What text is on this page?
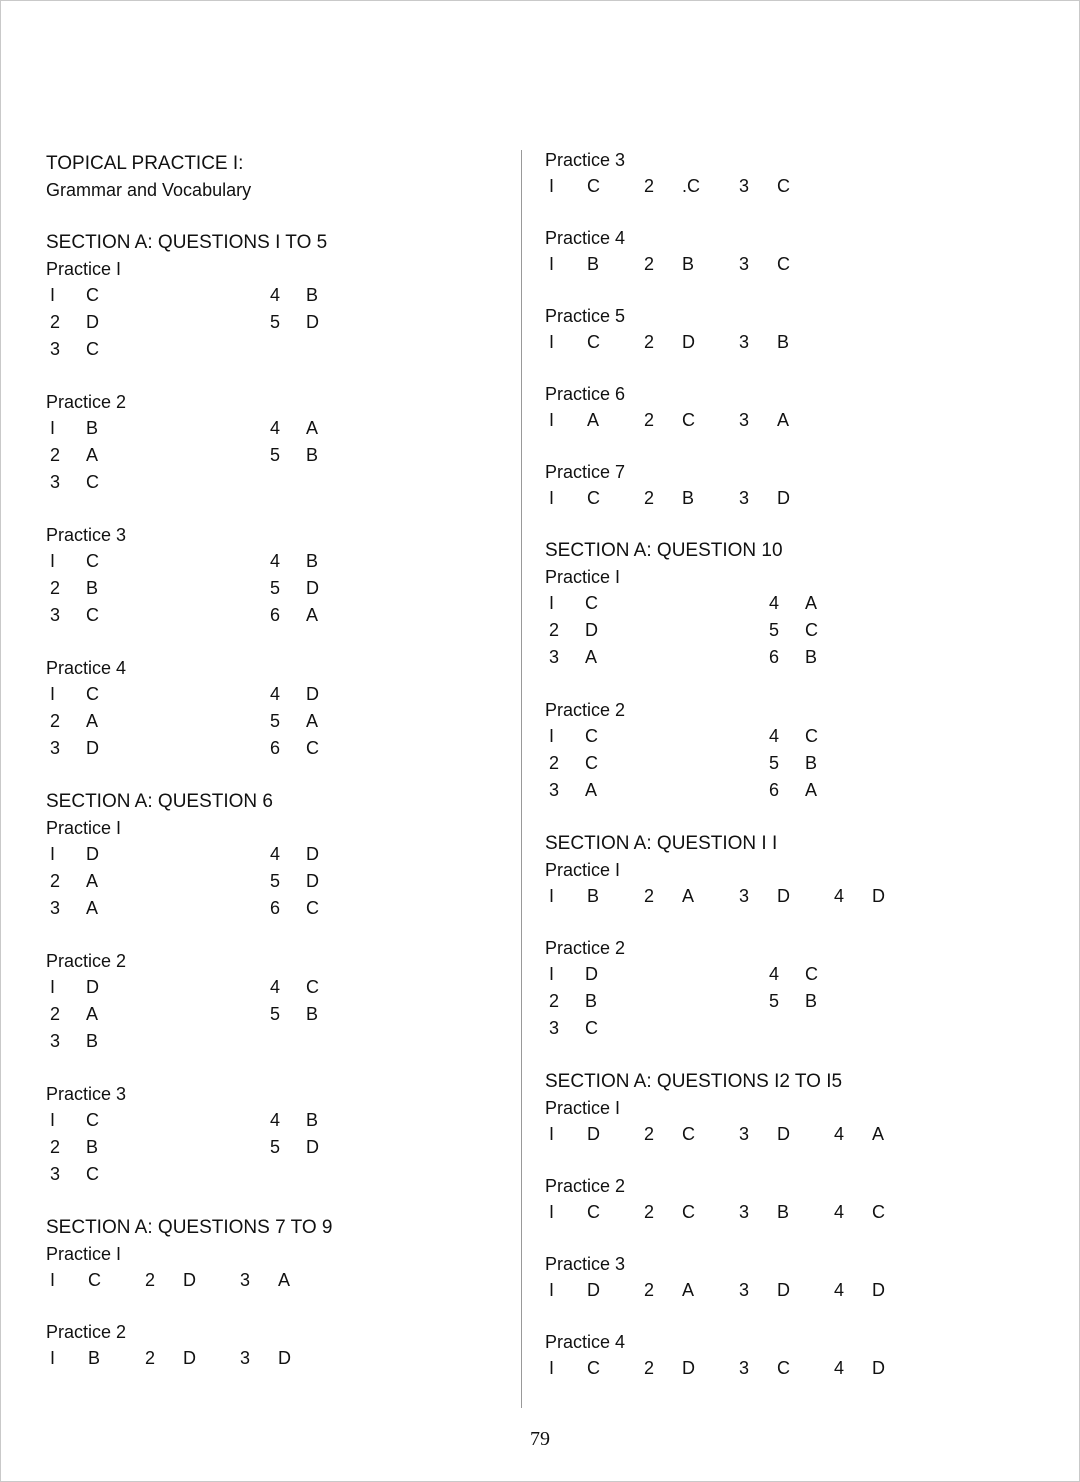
TOPICAL PRACTICE I:

Grammar and Vocabulary

SECTION A: QUESTIONS I TO 5

Practice I

I	C	4	B
2	D	5	D
3	C

Practice 2

I	B	4	A
2	A	5	B
3	C

Practice 3

I	C	4	B
2	B	5	D
3	C	6	A

Practice 4

I	C	4	D
2	A	5	A
3	D	6	C

SECTION A: QUESTION 6

Practice I

I	D	4	D
2	A	5	D
3	A	6	C

Practice 2

I	D	4	C
2	A	5	B
3	B

Practice 3

I	C	4	B
2	B	5	D
3	C

SECTION A: QUESTIONS 7 TO 9

Practice I

I	C	2	D	3	A

Practice 2

I	B	2	D	3	D

Practice 3

I	C	2	.C	3	C

Practice 4

I	B	2	B	3	C

Practice 5

I	C	2	D	3	B

Practice 6

I	A	2	C	3	A

Practice 7

I	C	2	B	3	D

SECTION A: QUESTION 10

Practice I

I	C	4	A
2	D	5	C
3	A	6	B

Practice 2

I	C	4	C
2	C	5	B
3	A	6	A

SECTION A: QUESTION I I

Practice I

I	B	2	A	3	D	4	D

Practice 2

I	D	4	C
2	B	5	B
3	C

SECTION A: QUESTIONS I2 TO I5

Practice I

I	D	2	C	3	D	4	A

Practice 2

I	C	2	C	3	B	4	C

Practice 3

I	D	2	A	3	D	4	D

Practice 4

I	C	2	D	3	C	4	D
79
